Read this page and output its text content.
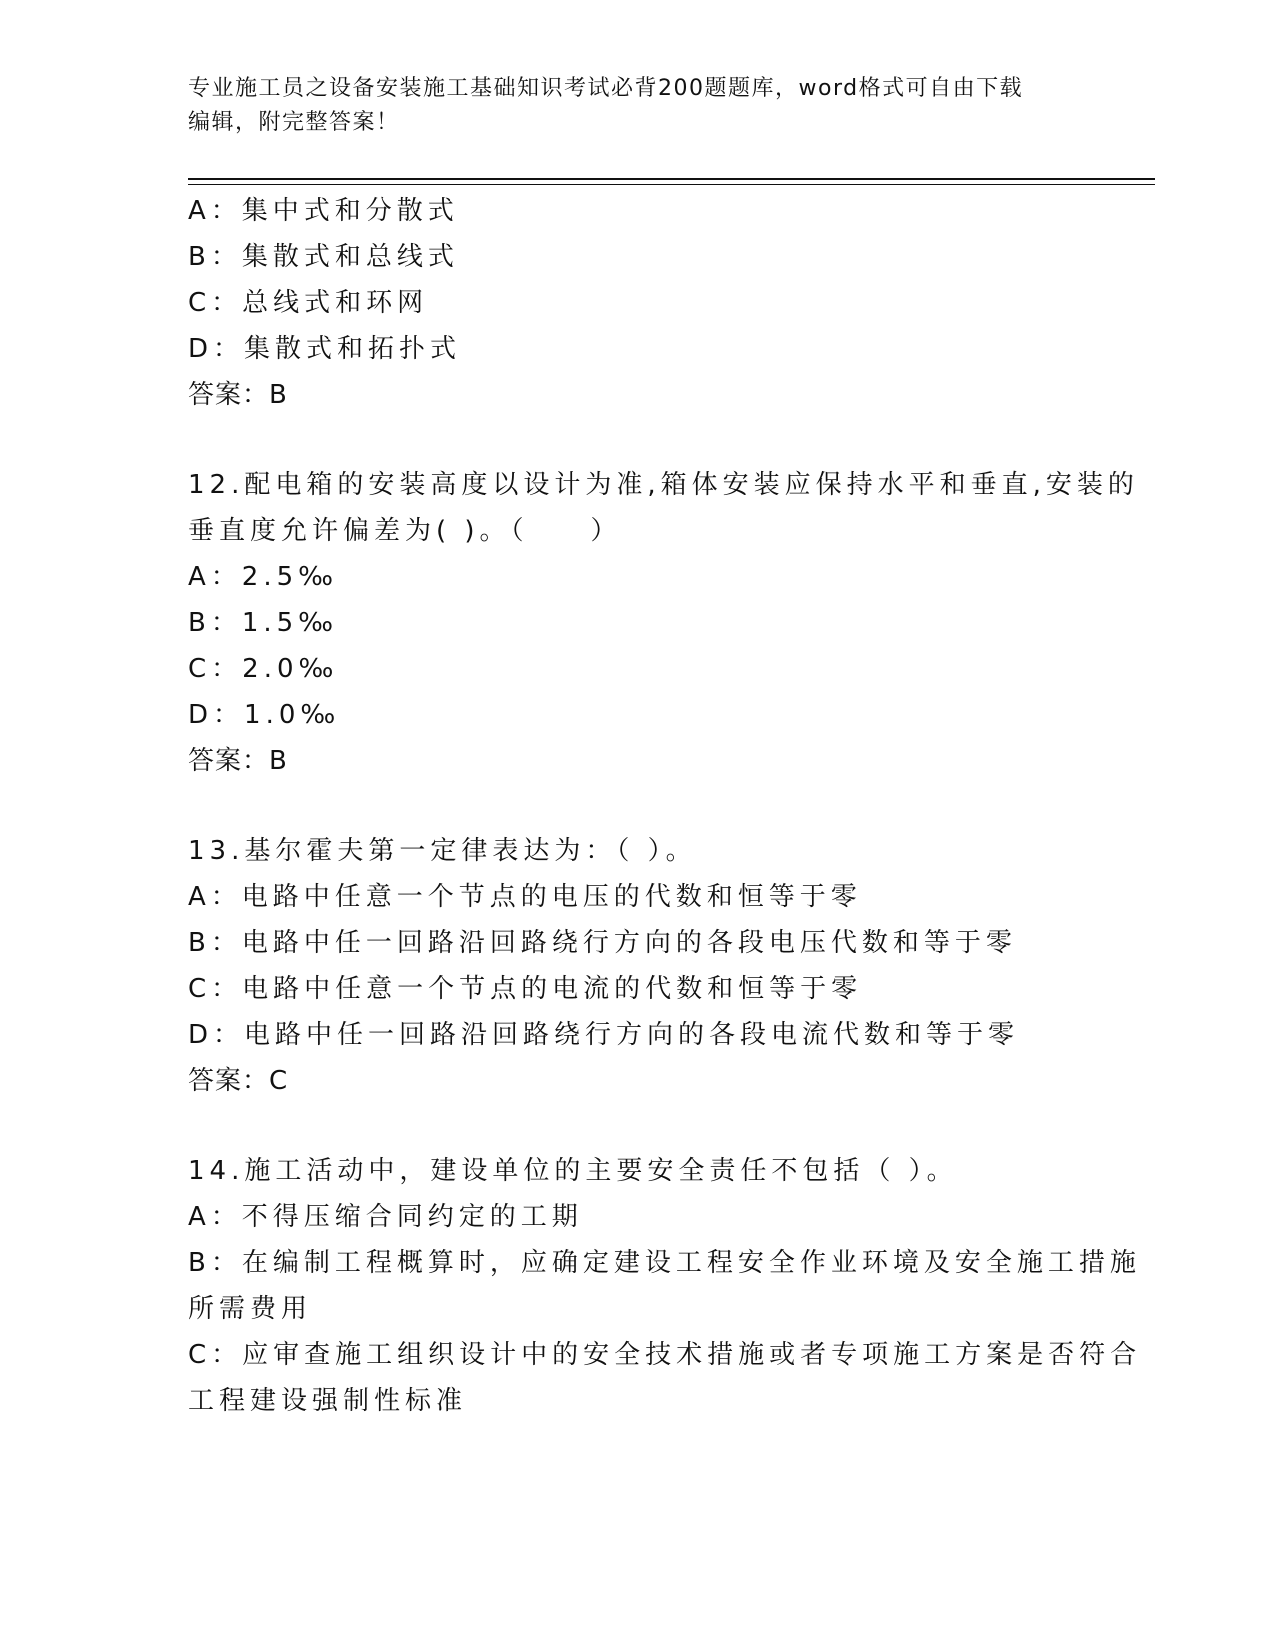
专业施工员之设备安装施工基础知识考试必背200题题库，word格式可自由下载
编辑，附完整答案！
A：集中式和分散式
B：集散式和总线式
C：总线式和环网
D：集散式和拓扑式
答案：B
12.配电箱的安装高度以设计为准,箱体安装应保持水平和垂直,安装的
垂直度允许偏差为( )。（　　）
A：2.5‰
B：1.5‰
C：2.0‰
D：1.0‰
答案：B
13.基尔霍夫第一定律表达为：（ ）。
A：电路中任意一个节点的电压的代数和恒等于零
B：电路中任一回路沿回路绕行方向的各段电压代数和等于零
C：电路中任意一个节点的电流的代数和恒等于零
D：电路中任一回路沿回路绕行方向的各段电流代数和等于零
答案：C
14.施工活动中，建设单位的主要安全责任不包括（ ）。
A：不得压缩合同约定的工期
B：在编制工程概算时，应确定建设工程安全作业环境及安全施工措施
所需费用
C：应审查施工组织设计中的安全技术措施或者专项施工方案是否符合
工程建设强制性标准
